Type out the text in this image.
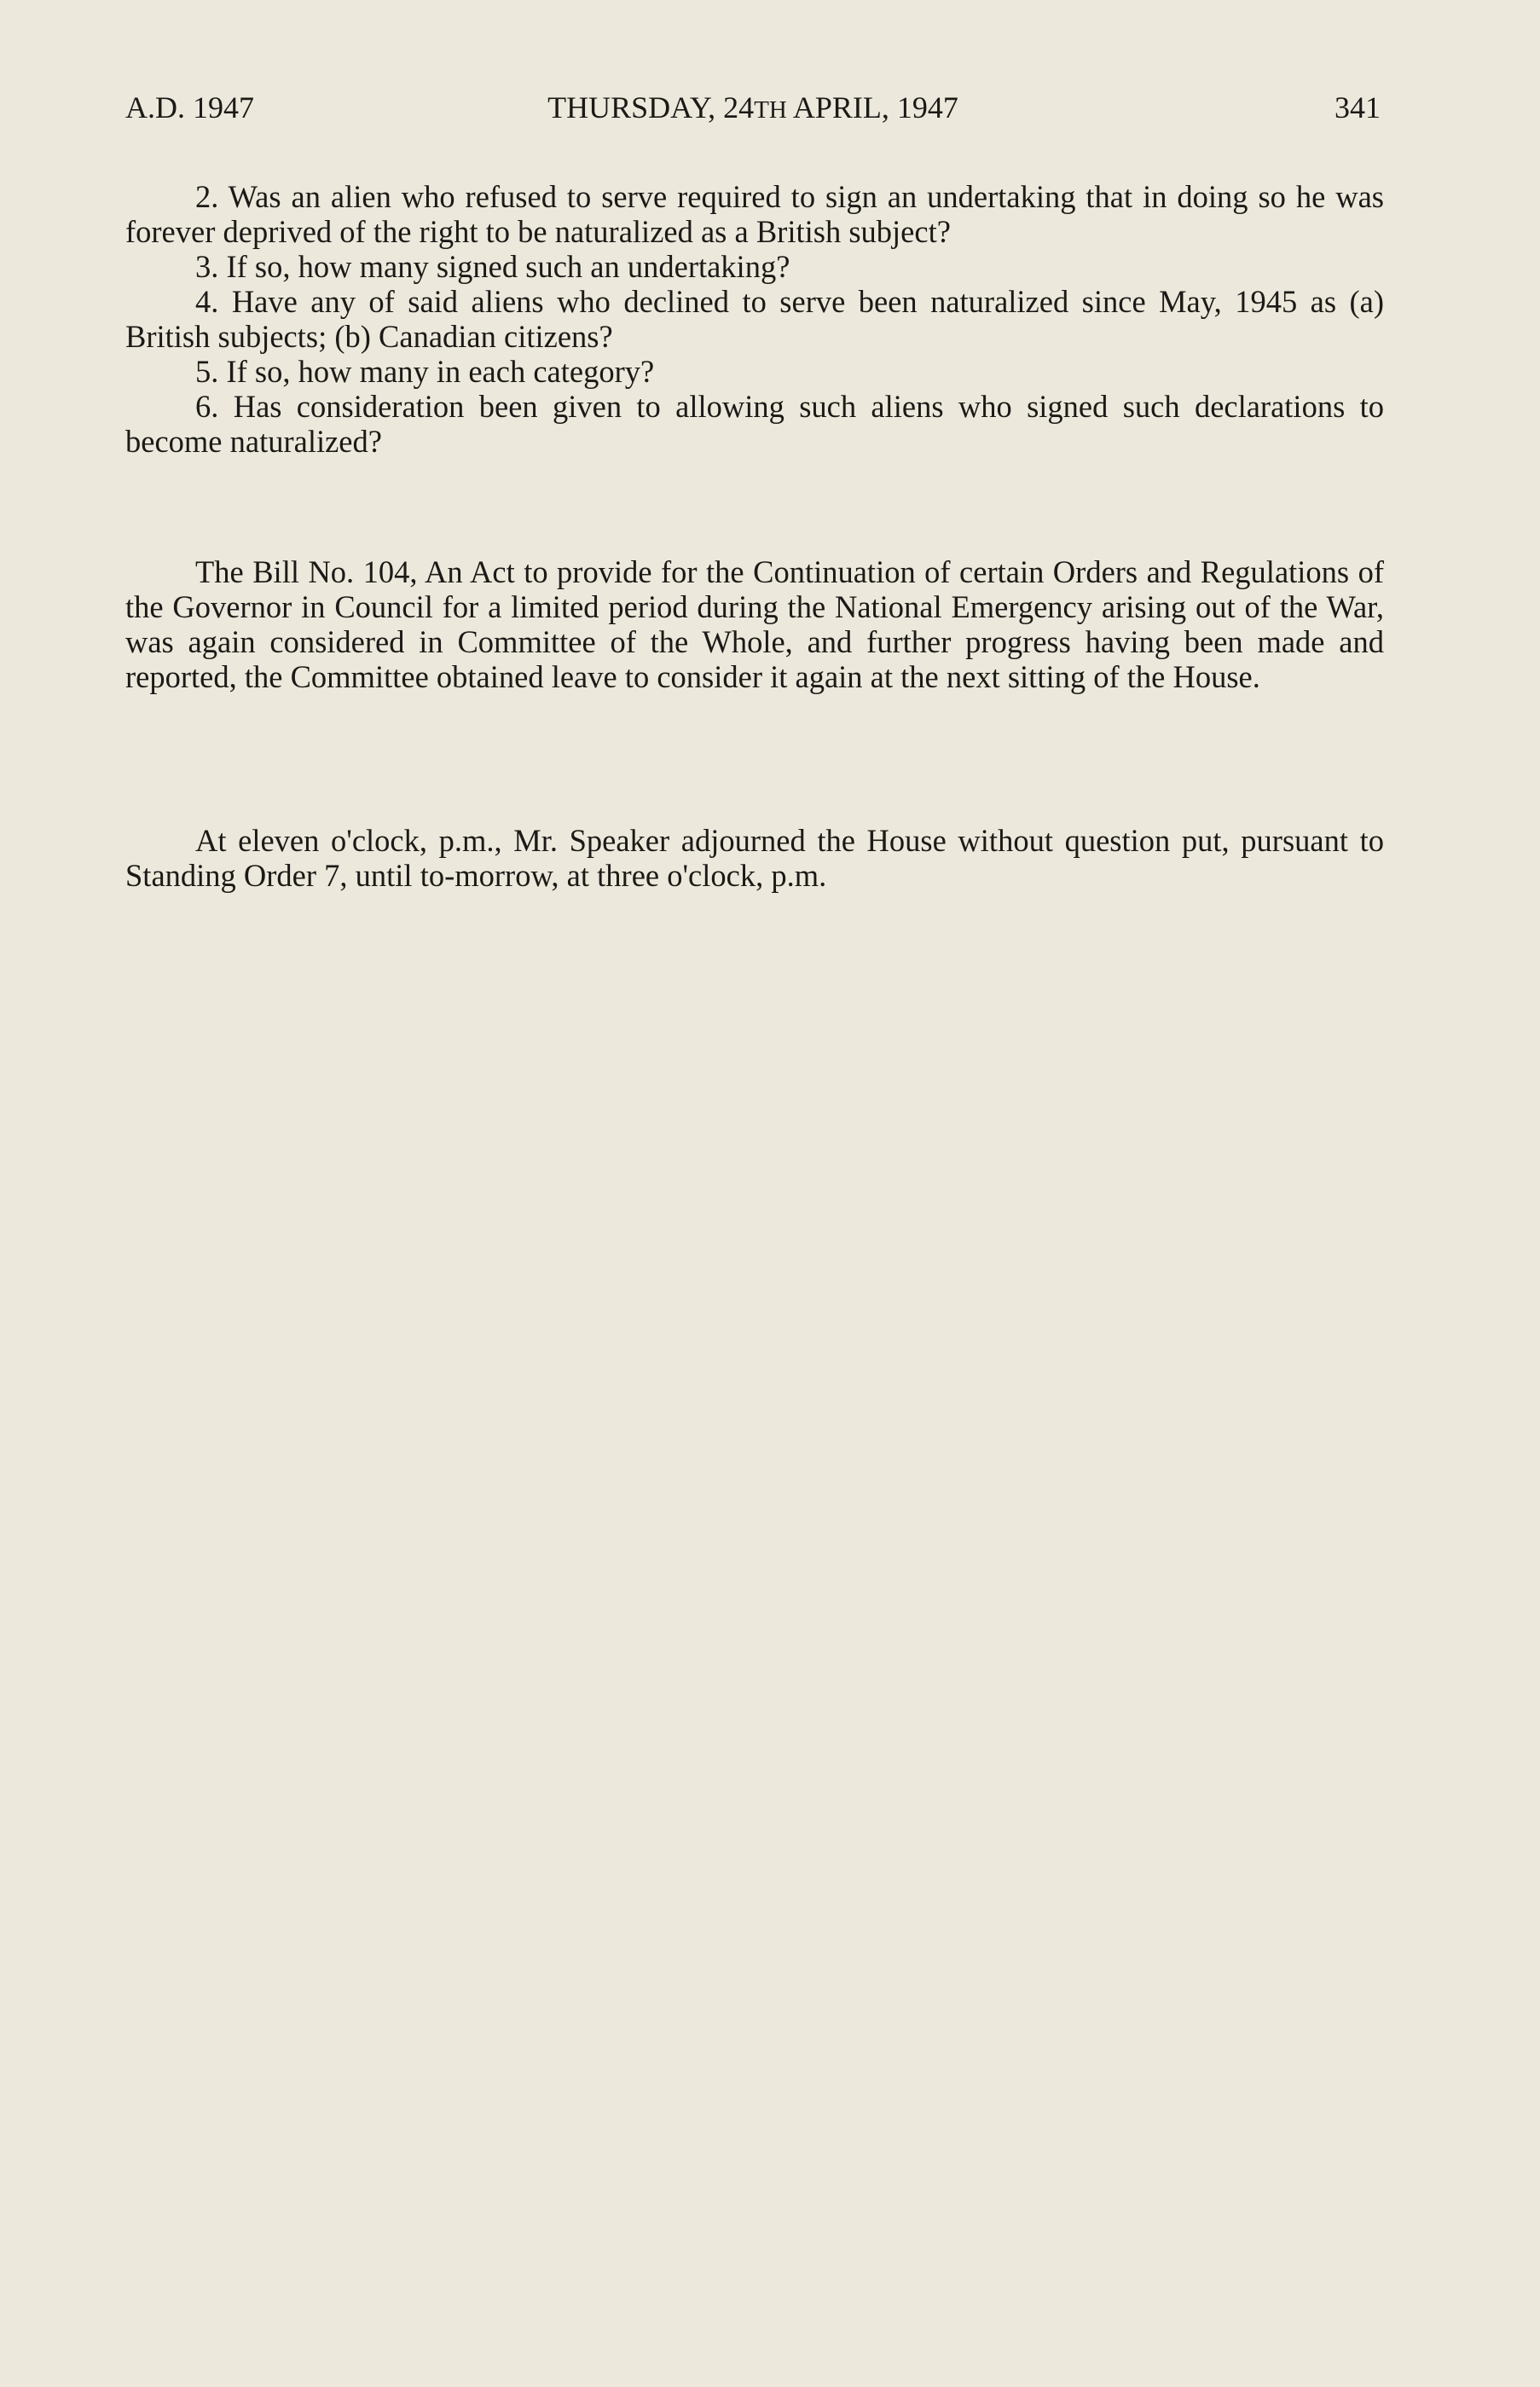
A.D. 1947	THURSDAY, 24TH APRIL, 1947	341

2. Was an alien who refused to serve required to sign an undertaking that in doing so he was forever deprived of the right to be naturalized as a British subject?

3. If so, how many signed such an undertaking?

4. Have any of said aliens who declined to serve been naturalized since May, 1945 as (a) British subjects; (b) Canadian citizens?

5. If so, how many in each category?

6. Has consideration been given to allowing such aliens who signed such declarations to become naturalized?

The Bill No. 104, An Act to provide for the Continuation of certain Orders and Regulations of the Governor in Council for a limited period during the National Emergency arising out of the War, was again considered in Committee of the Whole, and further progress having been made and reported, the Committee obtained leave to consider it again at the next sitting of the House.

At eleven o'clock, p.m., Mr. Speaker adjourned the House without question put, pursuant to Standing Order 7, until to-morrow, at three o'clock, p.m.
